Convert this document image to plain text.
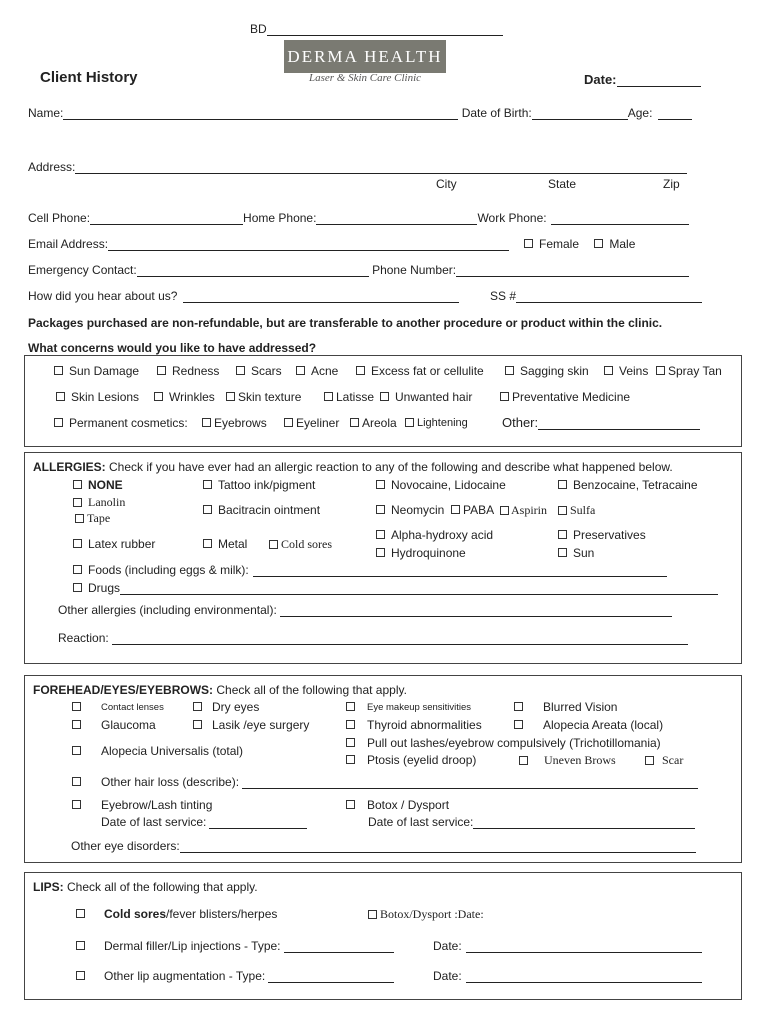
BD
DERMA HEALTH
Laser & Skin Care Clinic
Client History	Date:
Name:	Date of Birth:	Age:
Address:
City	State	Zip
Cell Phone:	Home Phone:	Work Phone:
Email Address:	Female	Male
Emergency Contact:	Phone Number:
How did you hear about us?	SS #
Packages purchased are non-refundable, but are transferable to another procedure or product within the clinic.
What concerns would you like to have addressed?
Sun Damage	Redness	Scars	Acne	Excess fat or cellulite	Sagging skin	Veins	Spray Tan
Skin Lesions	Wrinkles	Skin texture	Latisse	Unwanted hair	Preventative Medicine
Permanent cosmetics:	Eyebrows	Eyeliner	Areola	Lightening	Other:
ALLERGIES: Check if you have ever had an allergic reaction to any of the following and describe what happened below.
NONE	Tattoo ink/pigment	Novocaine, Lidocaine	Benzocaine, Tetracaine
Lanolin
Tape
Bacitracin ointment	Neomycin	PABA	Aspirin	Sulfa
Alpha-hydroxy acid	Preservatives
Latex rubber	Metal	Cold sores
Hydroquinone	Sun
Foods (including eggs & milk):
Drugs
Other allergies (including environmental):
Reaction:
FOREHEAD/EYES/EYEBROWS: Check all of the following that apply.
Contact lenses	Dry eyes	Eye makeup sensitivities	Blurred Vision
Glaucoma	Lasik /eye surgery	Thyroid abnormalities	Alopecia Areata (local)
Alopecia Universalis (total)
Pull out lashes/eyebrow compulsively (Trichotillomania)
Ptosis (eyelid droop)	Uneven Brows	Scar
Other hair loss (describe):
Eyebrow/Lash tinting
Date of last service:
Botox / Dysport
Date of last service:
Other eye disorders:
LIPS: Check all of the following that apply.
Cold sores/fever blisters/herpes	Botox/Dysport :Date:
Dermal filler/Lip injections - Type:	Date:
Other lip augmentation - Type:	Date:
